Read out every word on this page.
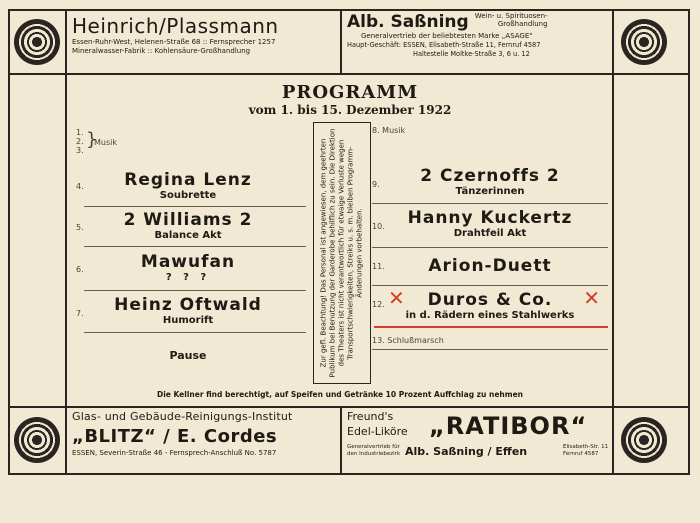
Heinrich/Plassmann
Essen-Ruhr-West, Helenen-Straße 68 :: Fernsprecher 1257
Mineralwasser-Fabrik :: Kohlensäure-Großhandlung
Alb. Saßning Wein- u. Spirituosen-
Großhandlung
Generalvertrieb der beliebtesten Marke „ASAGE“
Haupt-Geschäft: ESSEN, Elisabeth-Straße 11, Fernruf 4587
Haltestelle Moltke-Straße 3, 6 u. 12
PROGRAMM
vom 1. bis 15. Dezember 1922
1.
2.
3.
}
Musik
4.	Regina Lenz
Soubrette
5.	2 Williams 2
Balance Akt
6.	Mawufan
? ? ?
7.	Heinz Oftwald
Humorift
Pause	Zur gefl. Beachtung! Das Personal ist angewiesen, dem geehrten Publikum bei Benutzung der Garderobe behilflich zu sein. Die Direktion des Theaters ist nicht verantwortlich für etwaige Verluste wegen Transportschwierigkeiten, Streiks u. s. m. bleiben Programm-Änderungen vorbehalten.
8. Musik
9.	2 Czernoffs 2
Tänzerinnen
10.	Hanny Kuckertz
Drahtfeil Akt
11.	Arion-Duett
12. ✕	✕
Duros & Co.
in d. Rädern eines Stahlwerks
13. Schlußmarsch
Die Kellner find berechtigt, auf Speifen und Getränke 10 Prozent Auffchlag zu nehmen
Glas- und Gebäude-Reinigungs-Institut
„BLITZ“ / E. Cordes
ESSEN, Severin-Straße 46 - Fernsprech-Anschluß No. 5787
Freund's
Edel-Liköre „RATIBOR“
Generalvertrieb für den Industriebezirk Alb. Saßning / Effen	Elisabeth-Str. 11
Fernruf 4587
